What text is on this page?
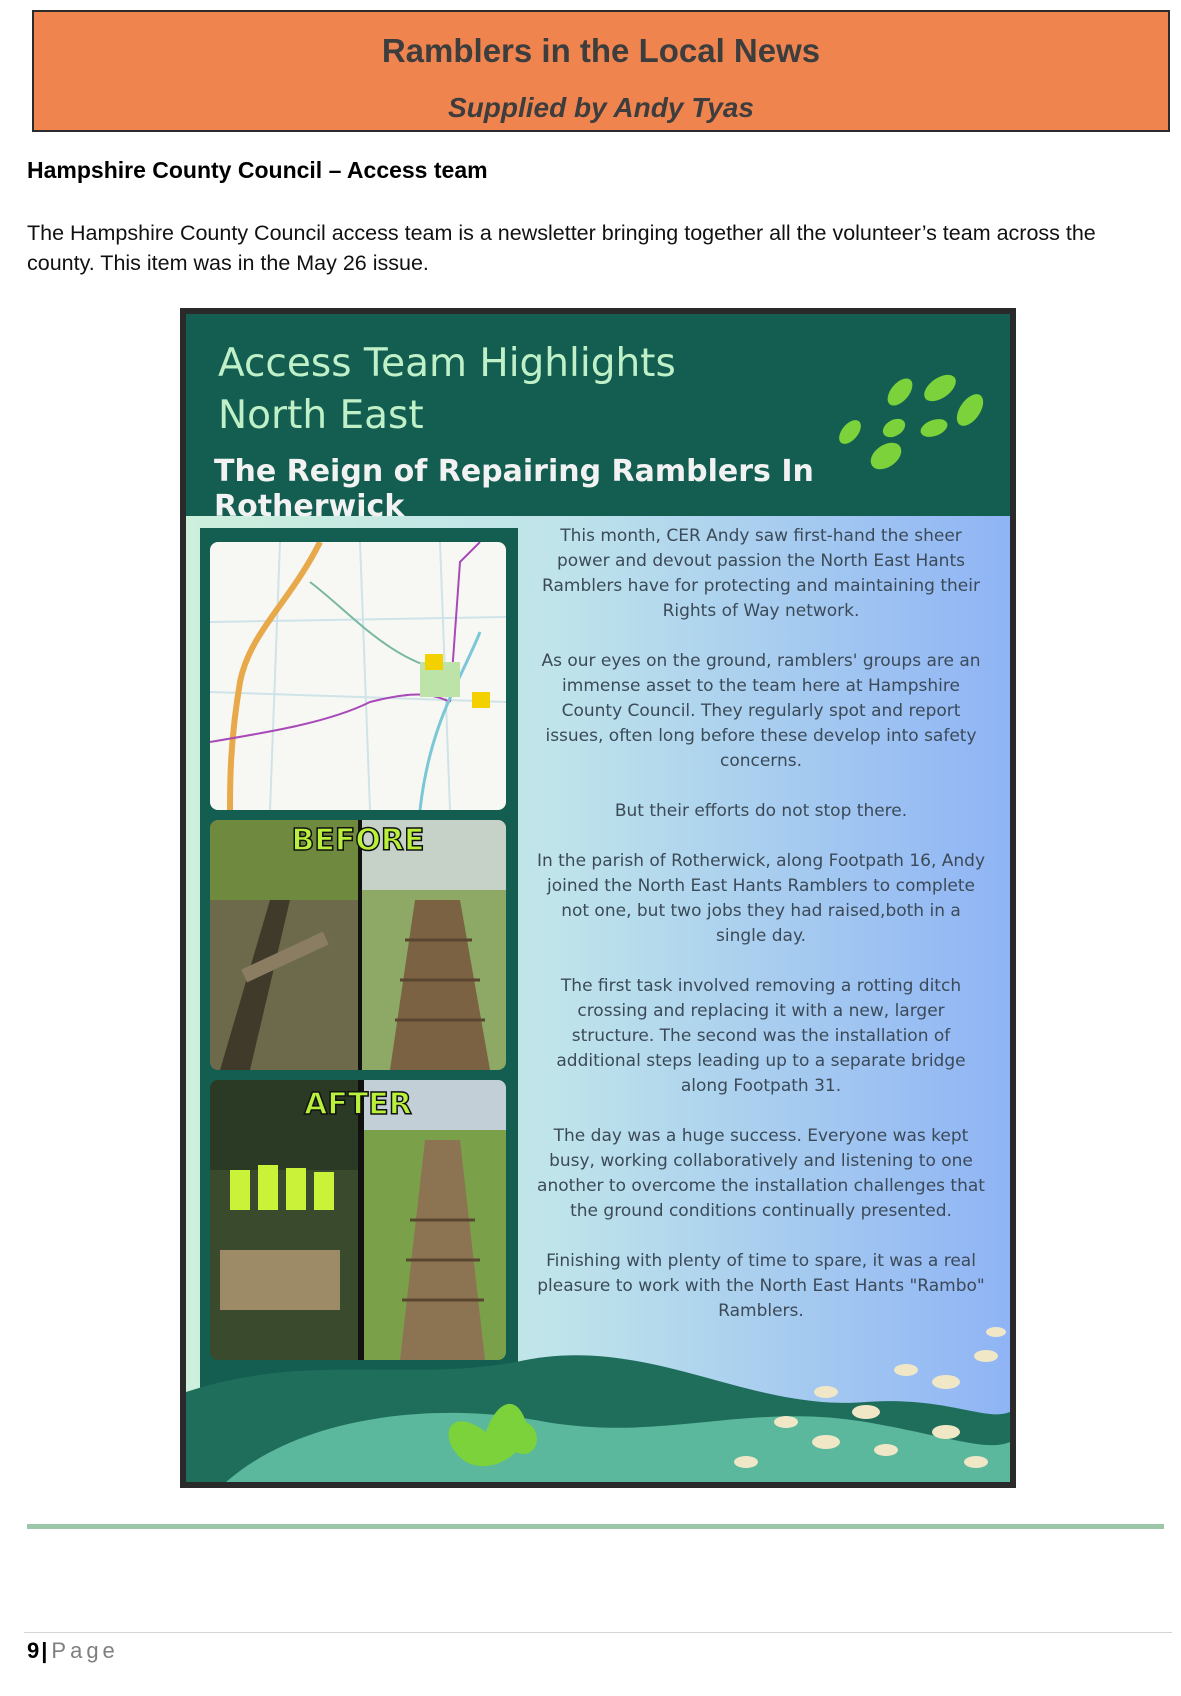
Ramblers in the Local News
Supplied by Andy Tyas
Hampshire County Council – Access team
The Hampshire County Council access team is a newsletter bringing together all the volunteer’s team across the county. This item was in the May 26 issue.
Access Team Highlights
North East
The Reign of Repairing Ramblers In Rotherwick
BEFORE
AFTER

This month, CER Andy saw first-hand the sheer power and devout passion the North East Hants Ramblers have for protecting and maintaining their Rights of Way network.

As our eyes on the ground, ramblers' groups are an immense asset to the team here at Hampshire County Council. They regularly spot and report issues, often long before these develop into safety concerns.

But their efforts do not stop there.

In the parish of Rotherwick, along Footpath 16, Andy joined the North East Hants Ramblers to complete not one, but two jobs they had raised,both in a single day.

The first task involved removing a rotting ditch crossing and replacing it with a new, larger structure. The second was the installation of additional steps leading up to a separate bridge along Footpath 31.

The day was a huge success. Everyone was kept busy, working collaboratively and listening to one another to overcome the installation challenges that the ground conditions continually presented.

Finishing with plenty of time to spare, it was a real pleasure to work with the North East Hants "Rambo" Ramblers.

9| Page
